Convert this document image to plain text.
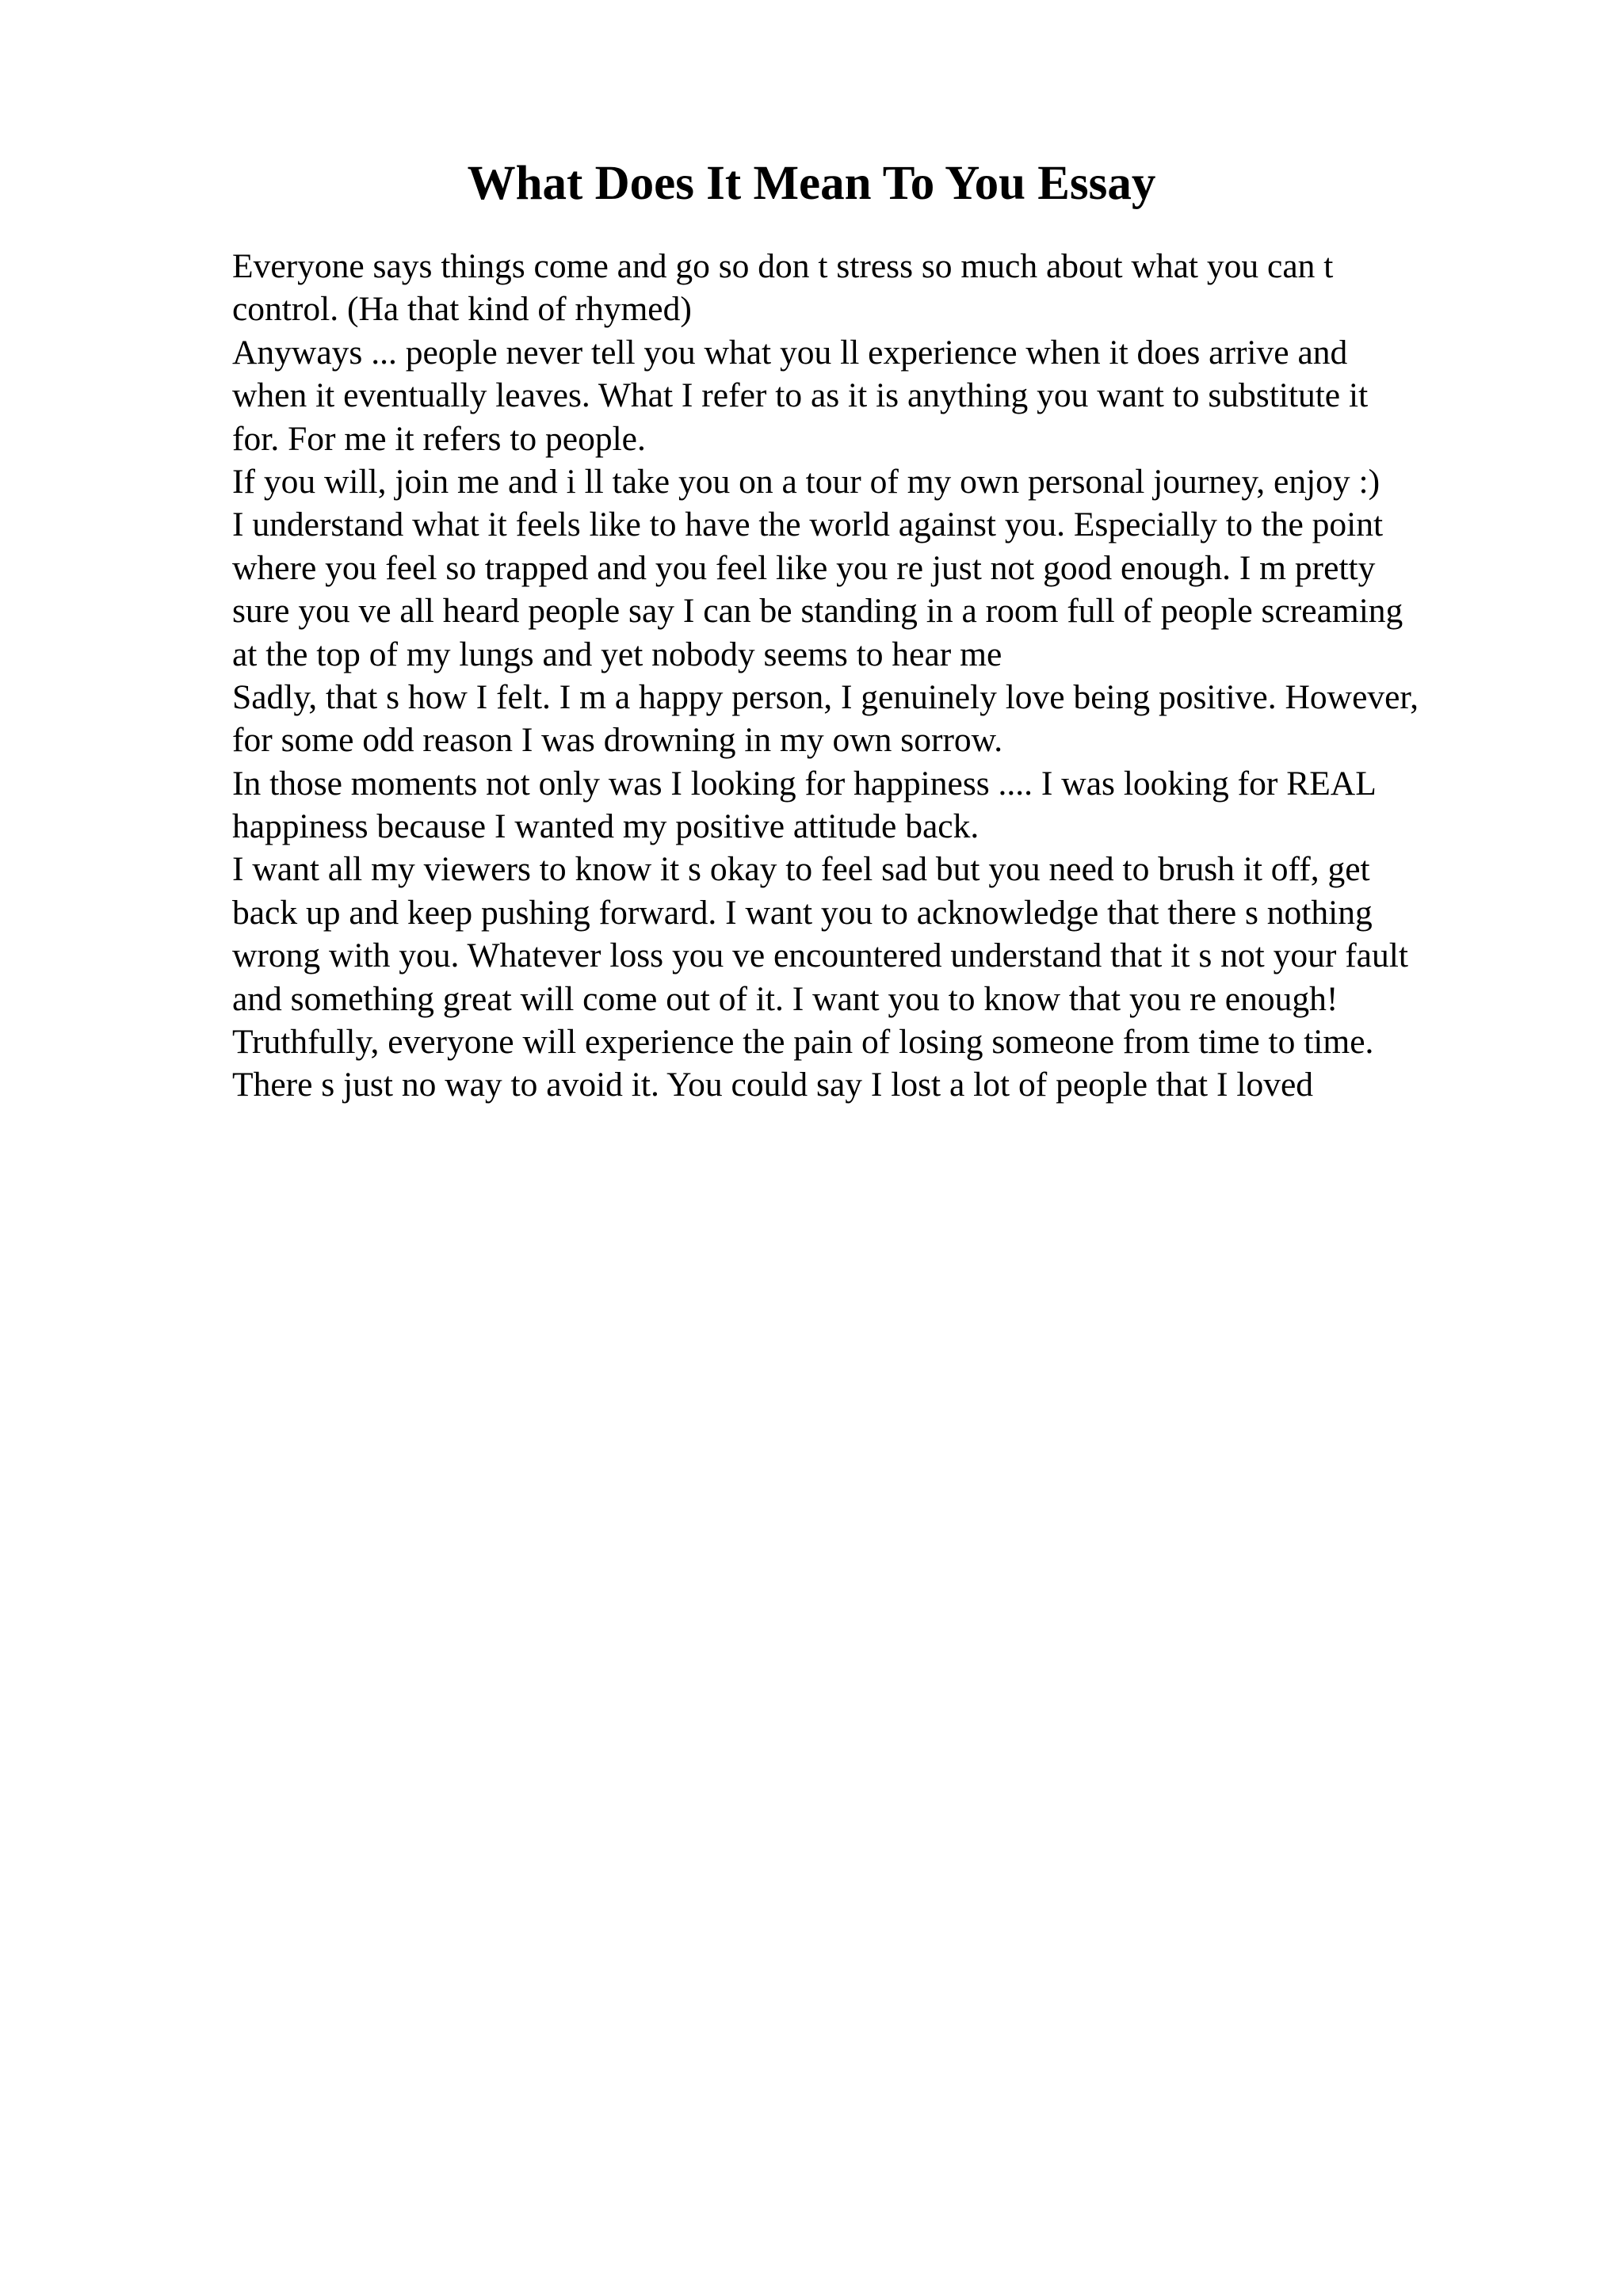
What Does It Mean To You Essay
Everyone says things come and go so don t stress so much about what you can t
control. (Ha that kind of rhymed)
Anyways ... people never tell you what you ll experience when it does arrive and
when it eventually leaves. What I refer to as it is anything you want to substitute it
for. For me it refers to people.
If you will, join me and i ll take you on a tour of my own personal journey, enjoy :)
I understand what it feels like to have the world against you. Especially to the point
where you feel so trapped and you feel like you re just not good enough. I m pretty
sure you ve all heard people say I can be standing in a room full of people screaming
at the top of my lungs and yet nobody seems to hear me
Sadly, that s how I felt. I m a happy person, I genuinely love being positive. However,
for some odd reason I was drowning in my own sorrow.
In those moments not only was I looking for happiness .... I was looking for REAL
happiness because I wanted my positive attitude back.
I want all my viewers to know it s okay to feel sad but you need to brush it off, get
back up and keep pushing forward. I want you to acknowledge that there s nothing
wrong with you. Whatever loss you ve encountered understand that it s not your fault
and something great will come out of it. I want you to know that you re enough!
Truthfully, everyone will experience the pain of losing someone from time to time.
There s just no way to avoid it. You could say I lost a lot of people that I loved
